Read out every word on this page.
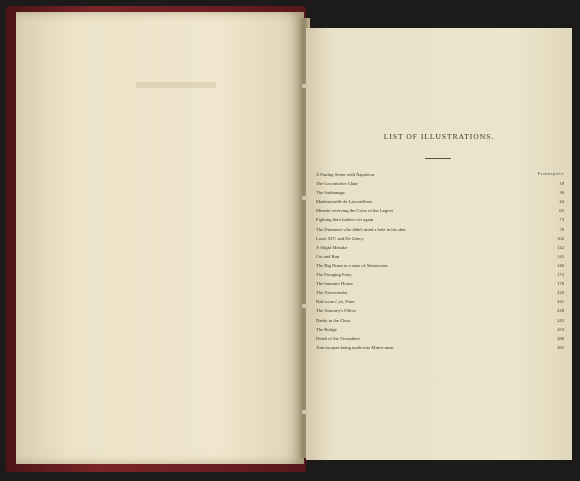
LIST OF ILLUSTRATIONS.
A Parting Scene with Napoleon	. . . . . . .	Frontispiece
The Locomotive Chair	. . . . . . .	18
The Sarâmnage	. . . . . . .	36
Mademoiselle de Lacostellerie	. . . . . . .	44
Minette receiving the Cross of the Legion	. . . . . . .	63
Fighting their battles o'er again	. . . . . . .	73
The Drummer who didn't mind a hole in his skin	. . . . . . .	78
Louis XIV. and De Gency	. . . . . . .	102
A Slight Mistake	. . . . . . .	122
Cut and Run	. . . . . . .	143
The Big Drum in a state of Abstraction	. . . . . . .	146
The Foraging Party	. . . . . . .	172
The Summer House	. . . . . . .	178
The Newsvendor	. . . . . . .	220
Bad scran t' ye, Peter	. . . . . . .	221
The Attorney's Office	. . . . . . .	228
Darby in the Chair	. . . . . . .	243
The Bridge	. . . . . . .	253
Death of the Vivandière	. . . . . . .	280
Tom escapes being made into Mince-meat	. . . . . . .	282
